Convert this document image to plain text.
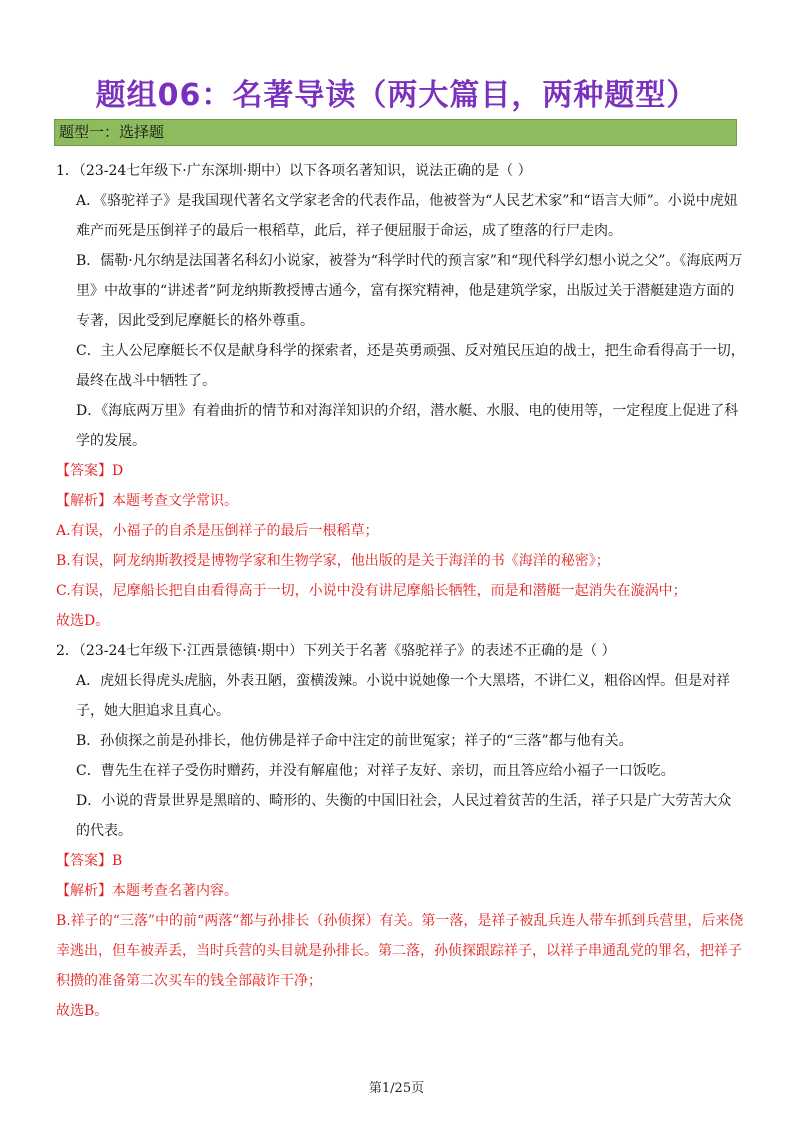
题组06：名著导读（两大篇目，两种题型）
题型一：选择题
1．（23-24七年级下·广东深圳·期中）以下各项名著知识，说法正确的是（ ）
A．《骆驼祥子》是我国现代著名文学家老舍的代表作品，他被誉为“人民艺术家”和“语言大师”。小说中虎妞
难产而死是压倒祥子的最后一根稻草，此后，祥子便屈服于命运，成了堕落的行尸走肉。
B．儒勒·凡尔纳是法国著名科幻小说家，被誉为“科学时代的预言家”和“现代科学幻想小说之父”。《海底两万
里》中故事的“讲述者”阿龙纳斯教授博古通今，富有探究精神，他是建筑学家，出版过关于潜艇建造方面的
专著，因此受到尼摩艇长的格外尊重。
C．主人公尼摩艇长不仅是献身科学的探索者，还是英勇顽强、反对殖民压迫的战士，把生命看得高于一切，
最终在战斗中牺牲了。
D．《海底两万里》有着曲折的情节和对海洋知识的介绍，潜水艇、水服、电的使用等，一定程度上促进了科
学的发展。
【答案】D
【解析】本题考查文学常识。
A.有误，小福子的自杀是压倒祥子的最后一根稻草；
B.有误，阿龙纳斯教授是博物学家和生物学家，他出版的是关于海洋的书《海洋的秘密》；
C.有误，尼摩船长把自由看得高于一切，小说中没有讲尼摩船长牺牲，而是和潜艇一起消失在漩涡中；
故选D。
2．（23-24七年级下·江西景德镇·期中）下列关于名著《骆驼祥子》的表述不正确的是（ ）
A．虎妞长得虎头虎脑，外表丑陋，蛮横泼辣。小说中说她像一个大黑塔，不讲仁义，粗俗凶悍。但是对祥
子，她大胆追求且真心。
B．孙侦探之前是孙排长，他仿佛是祥子命中注定的前世冤家；祥子的“三落”都与他有关。
C．曹先生在祥子受伤时赠药，并没有解雇他；对祥子友好、亲切，而且答应给小福子一口饭吃。
D．小说的背景世界是黑暗的、畸形的、失衡的中国旧社会，人民过着贫苦的生活，祥子只是广大劳苦大众
的代表。
【答案】B
【解析】本题考查名著内容。
B.祥子的“三落”中的前“两落”都与孙排长（孙侦探）有关。第一落，是祥子被乱兵连人带车抓到兵营里，后来侥
幸逃出，但车被弄丢，当时兵营的头目就是孙排长。第二落，孙侦探跟踪祥子，以祥子串通乱党的罪名，把祥子
积攒的准备第二次买车的钱全部敲诈干净；
故选B。
第1/25页
